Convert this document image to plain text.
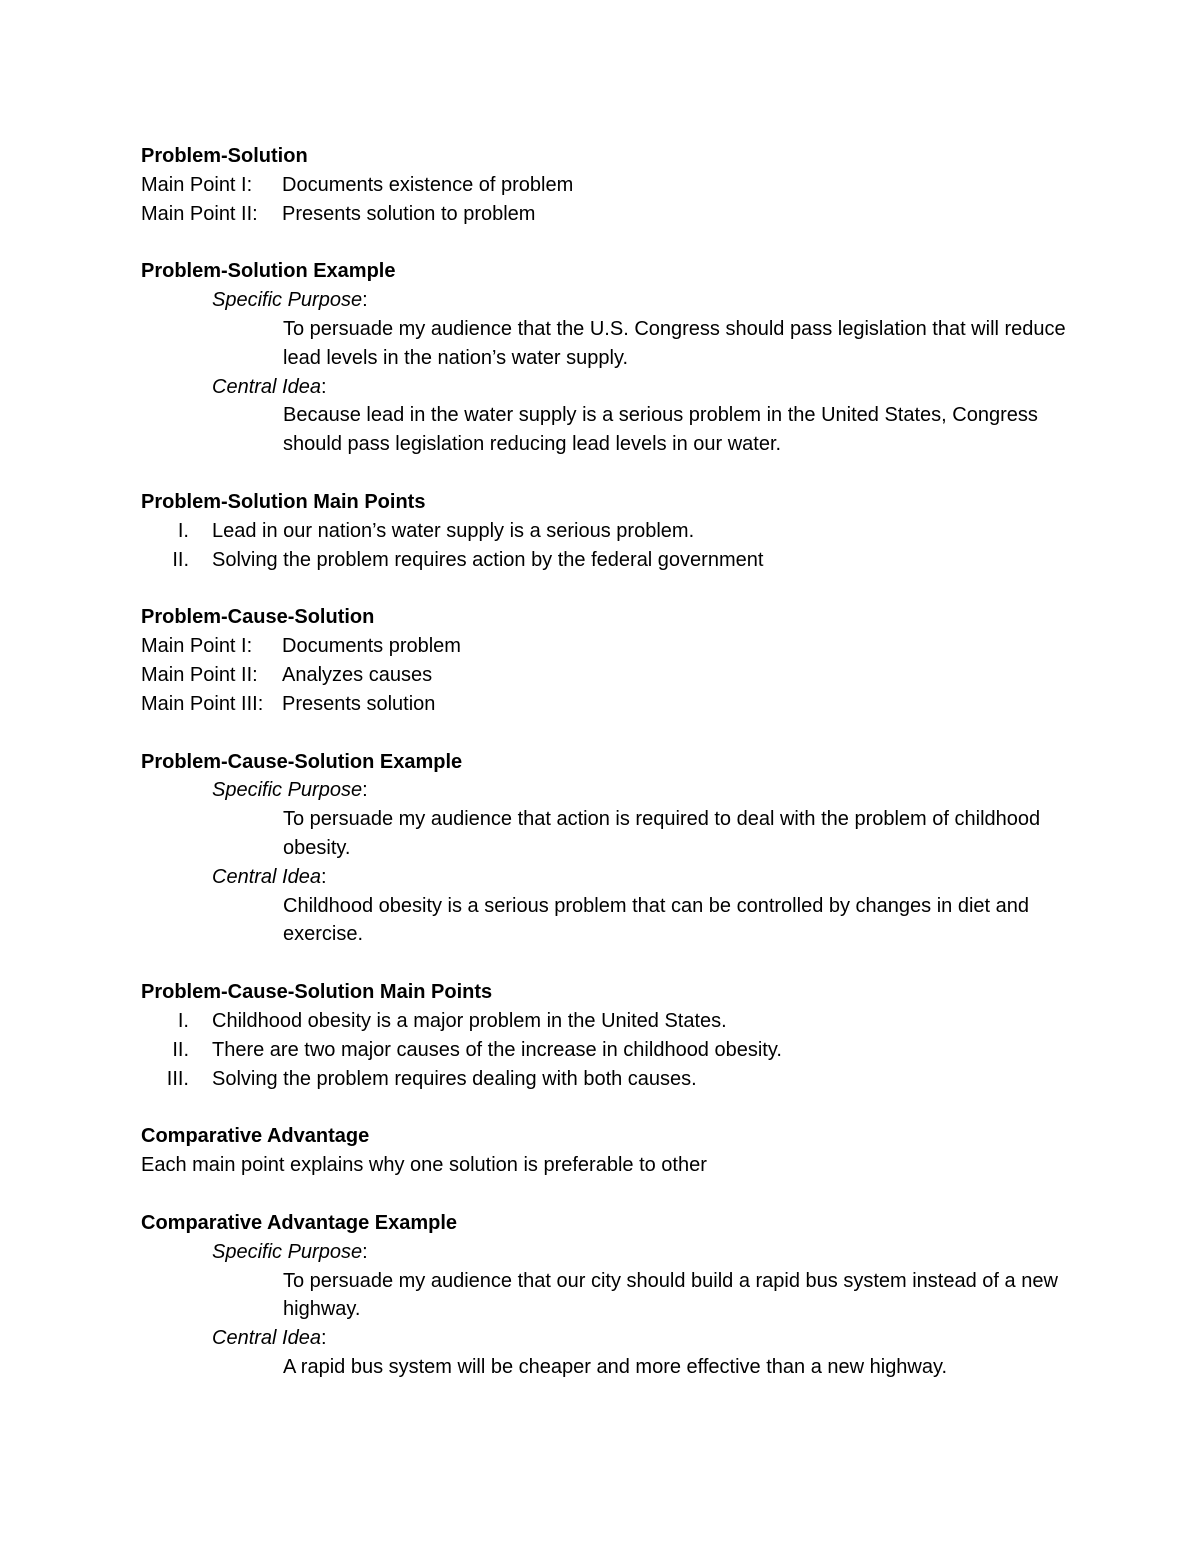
Problem-Solution

Main Point I:	Documents existence of problem
Main Point II:	Presents solution to problem

Problem-Solution Example

Specific Purpose:
To persuade my audience that the U.S. Congress should pass legislation that will reduce lead levels in the nation’s water supply.
Central Idea:
Because lead in the water supply is a serious problem in the United States, Congress should pass legislation reducing lead levels in our water.

Problem-Solution Main Points

I.	Lead in our nation’s water supply is a serious problem.
II.	Solving the problem requires action by the federal government

Problem-Cause-Solution

Main Point I:	Documents problem
Main Point II:	Analyzes causes
Main Point III: Presents solution

Problem-Cause-Solution Example

Specific Purpose:
To persuade my audience that action is required to deal with the problem of childhood obesity.
Central Idea:
Childhood obesity is a serious problem that can be controlled by changes in diet and exercise.

Problem-Cause-Solution Main Points

I.	Childhood obesity is a major problem in the United States.
II.	There are two major causes of the increase in childhood obesity.
III.	Solving the problem requires dealing with both causes.

Comparative Advantage

Each main point explains why one solution is preferable to other

Comparative Advantage Example

Specific Purpose:
To persuade my audience that our city should build a rapid bus system instead of a new highway.
Central Idea:
A rapid bus system will be cheaper and more effective than a new highway.
